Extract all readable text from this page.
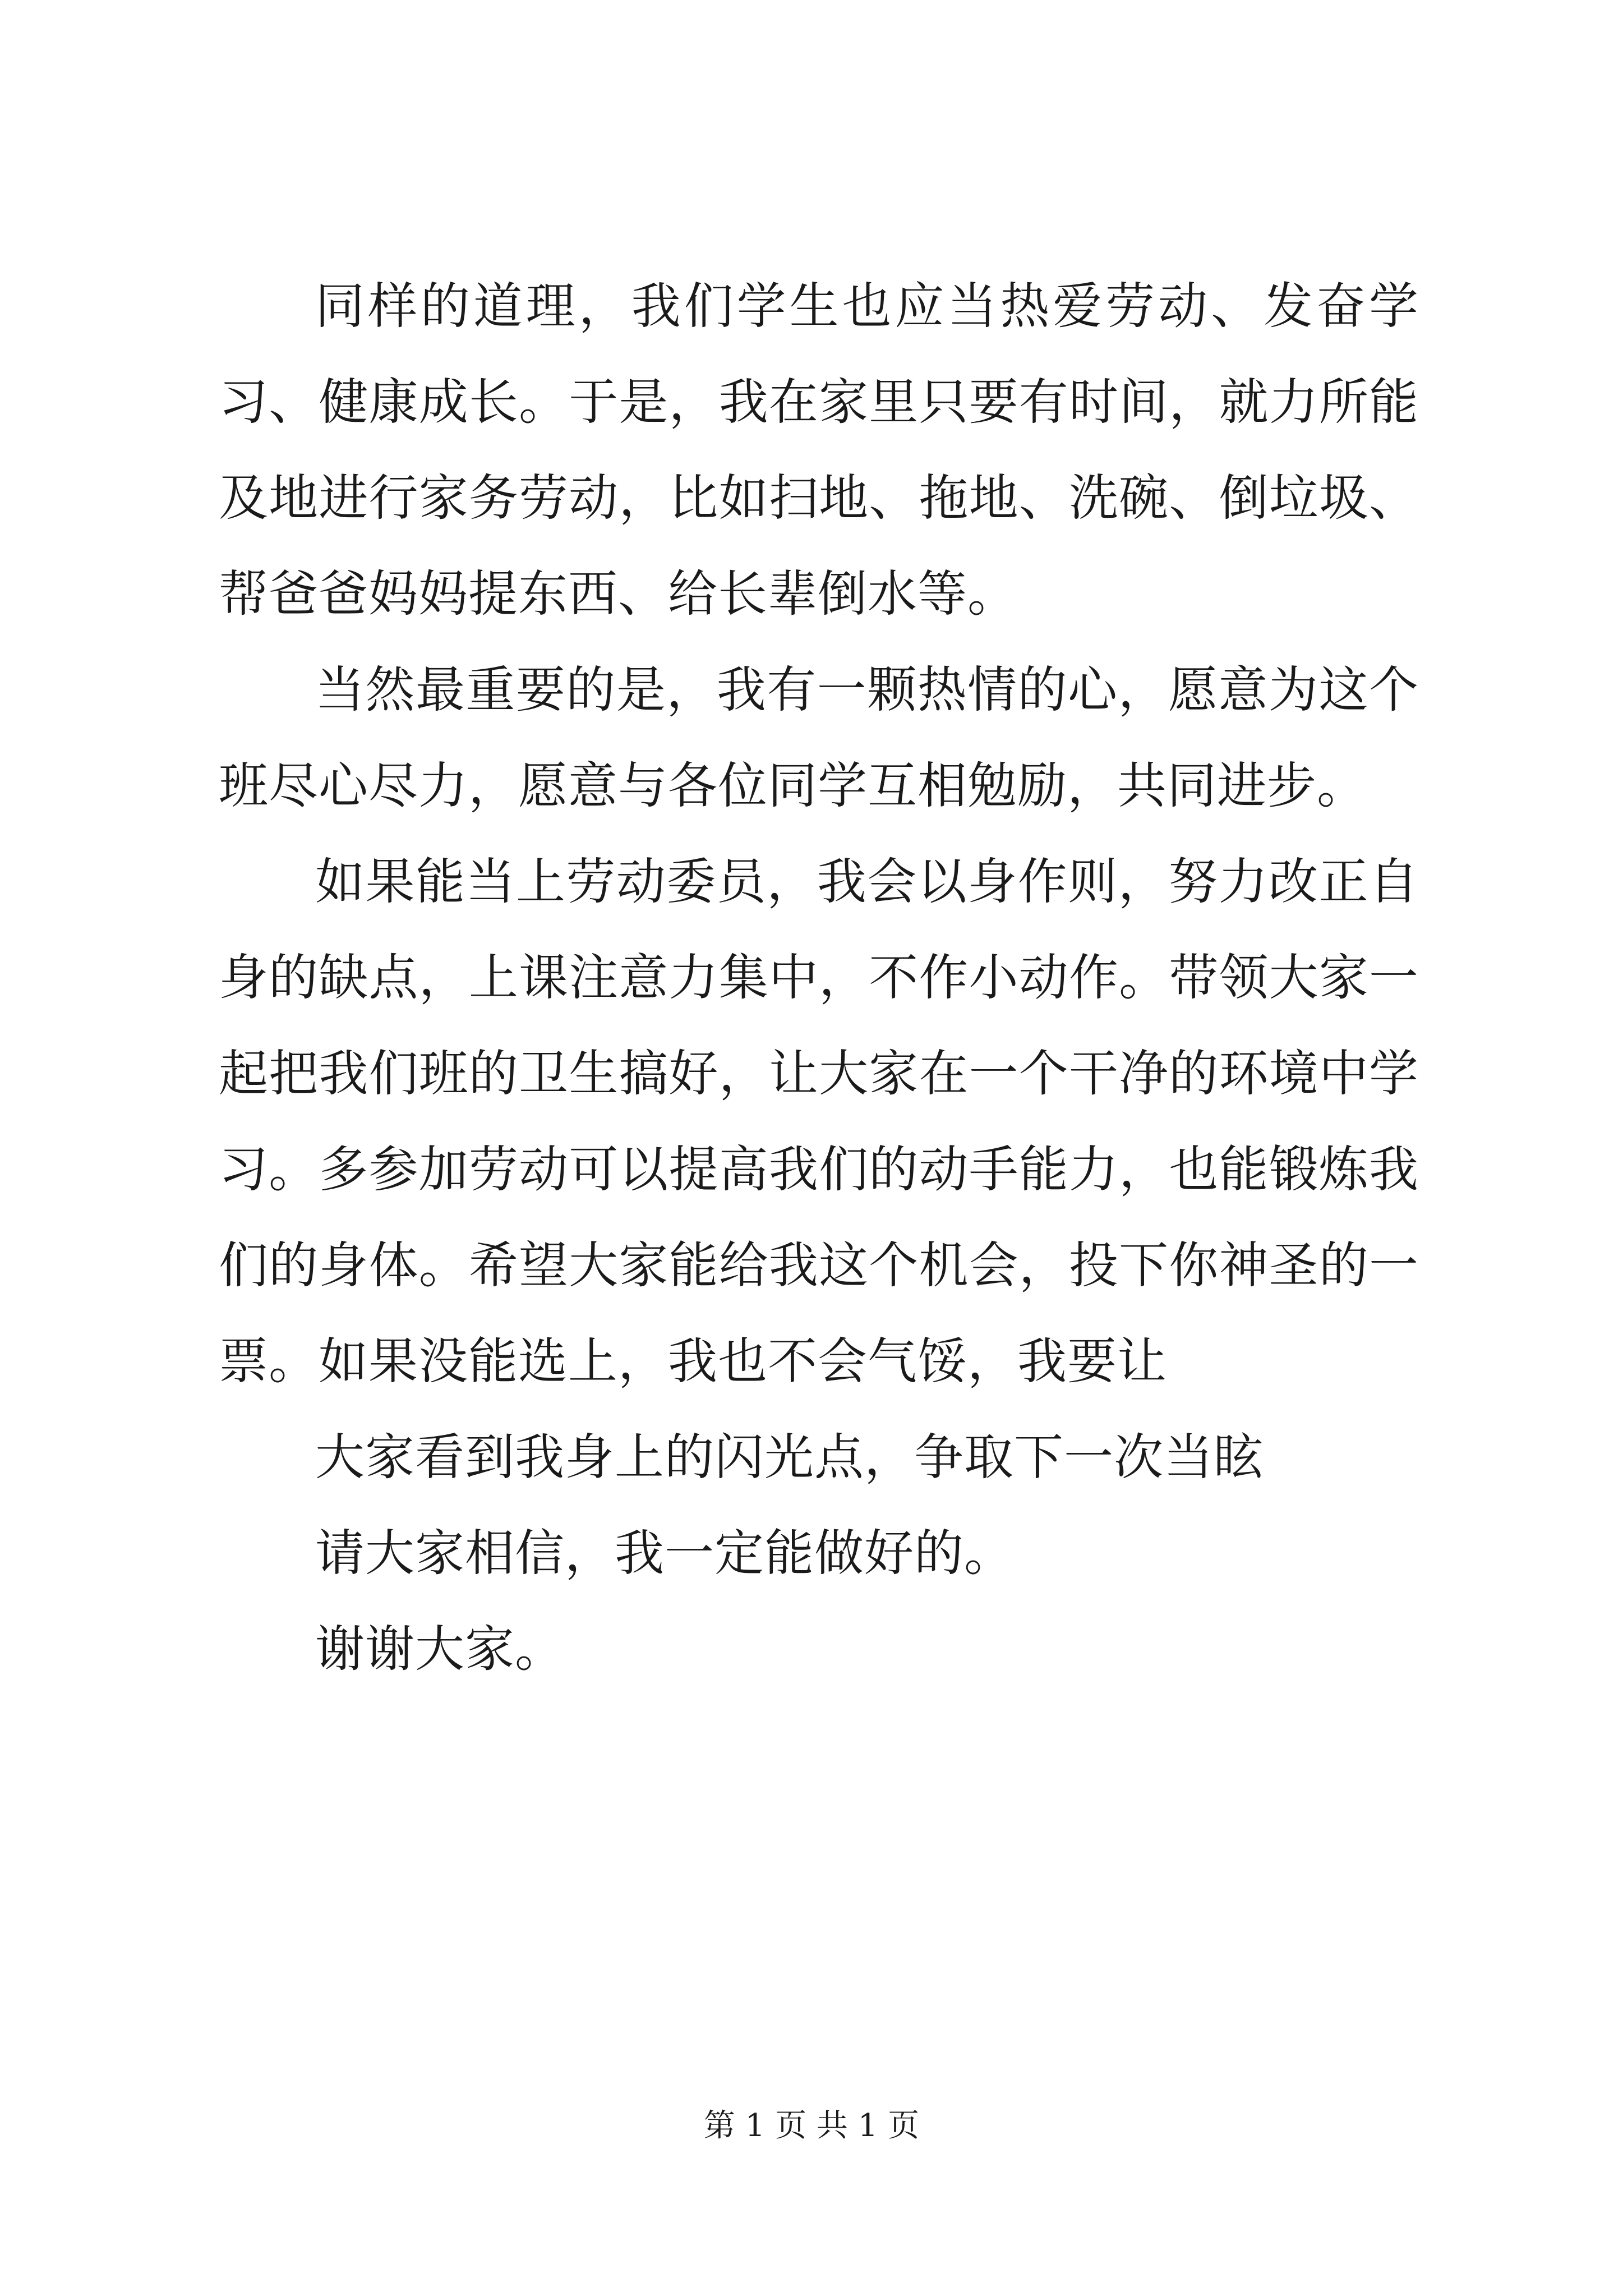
同样的道理，我们学生也应当热爱劳动、发奋学习、健康成长。于是，我在家里只要有时间，就力所能及地进行家务劳动，比如扫地、拖地、洗碗、倒垃圾、帮爸爸妈妈提东西、给长辈倒水等。

当然最重要的是，我有一颗热情的心，愿意为这个班尽心尽力，愿意与各位同学互相勉励，共同进步。

如果能当上劳动委员，我会以身作则，努力改正自身的缺点，上课注意力集中，不作小动作。带领大家一起把我们班的卫生搞好，让大家在一个干净的环境中学习。多参加劳动可以提高我们的动手能力，也能锻炼我们的身体。希望大家能给我这个机会，投下你神圣的一票。如果没能选上，我也不会气馁，我要让

大家看到我身上的闪光点，争取下一次当眩

请大家相信，我一定能做好的。

谢谢大家。

第 1 页 共 1 页
